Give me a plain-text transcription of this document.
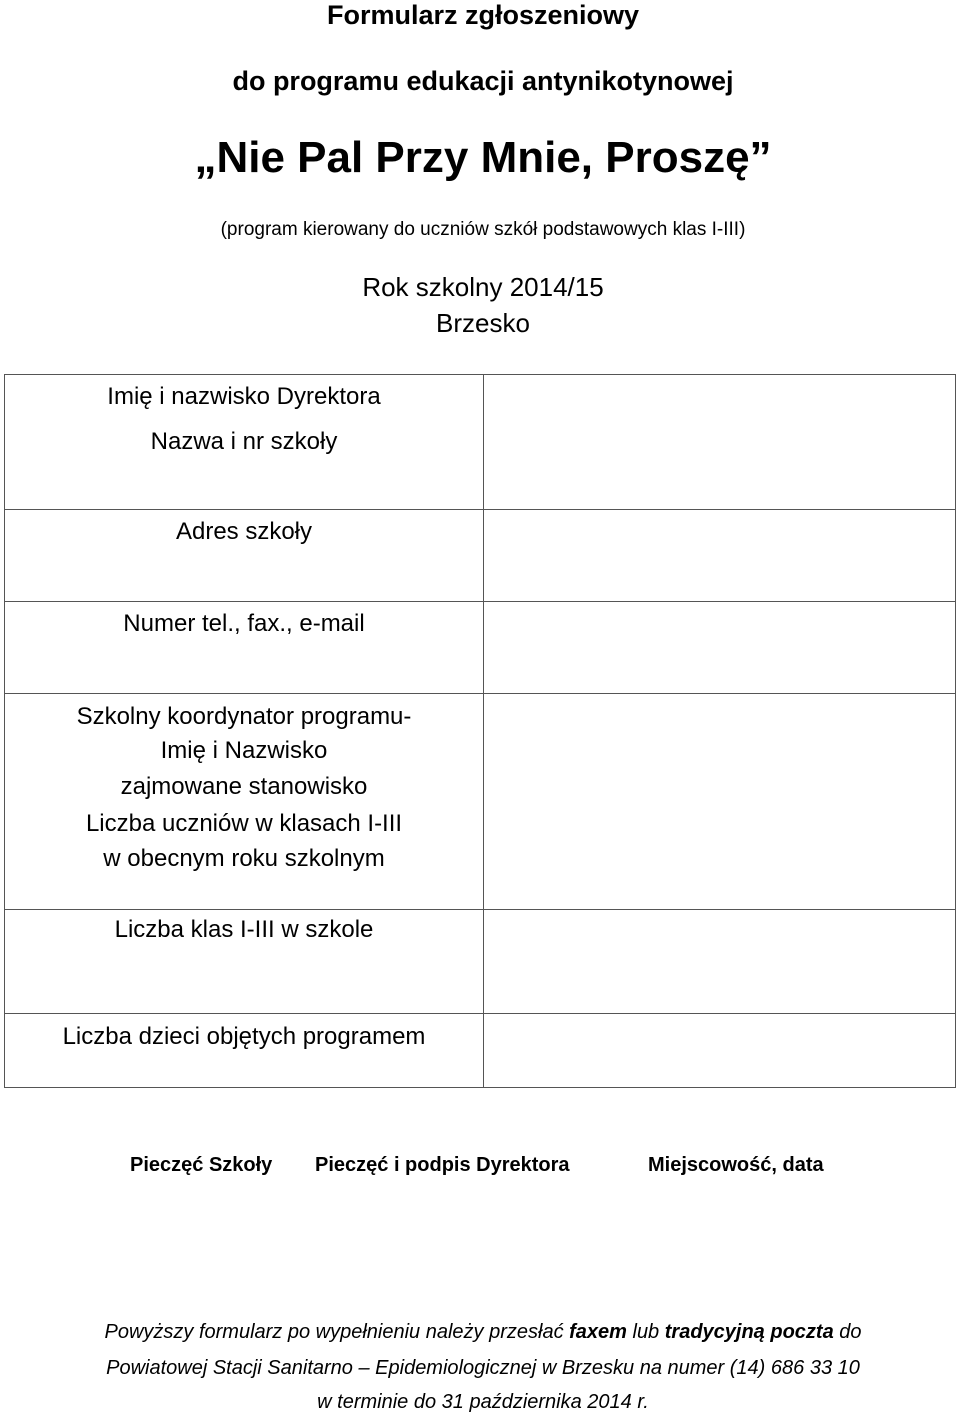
Formularz zgłoszeniowy
do programu edukacji antynikotynowej
„Nie Pal Przy Mnie, Proszę”
(program kierowany do uczniów szkół podstawowych klas I-III)
Rok szkolny 2014/15
Brzesko
Imię i nazwisko Dyrektora
Nazwa i nr szkoły
Adres szkoły
Numer tel., fax., e-mail
Szkolny koordynator programu-
Imię i Nazwisko
zajmowane stanowisko
Liczba uczniów w klasach I-III
w obecnym roku szkolnym
Liczba klas I-III w szkole
Liczba dzieci objętych programem
Pieczęć Szkoły Pieczęć i podpis Dyrektora	Miejscowość, data
Powyższy formularz po wypełnieniu należy przesłać faxem lub tradycyjną poczta do
Powiatowej Stacji Sanitarno – Epidemiologicznej w Brzesku na numer (14) 686 33 10
w terminie do 31 października 2014 r.
